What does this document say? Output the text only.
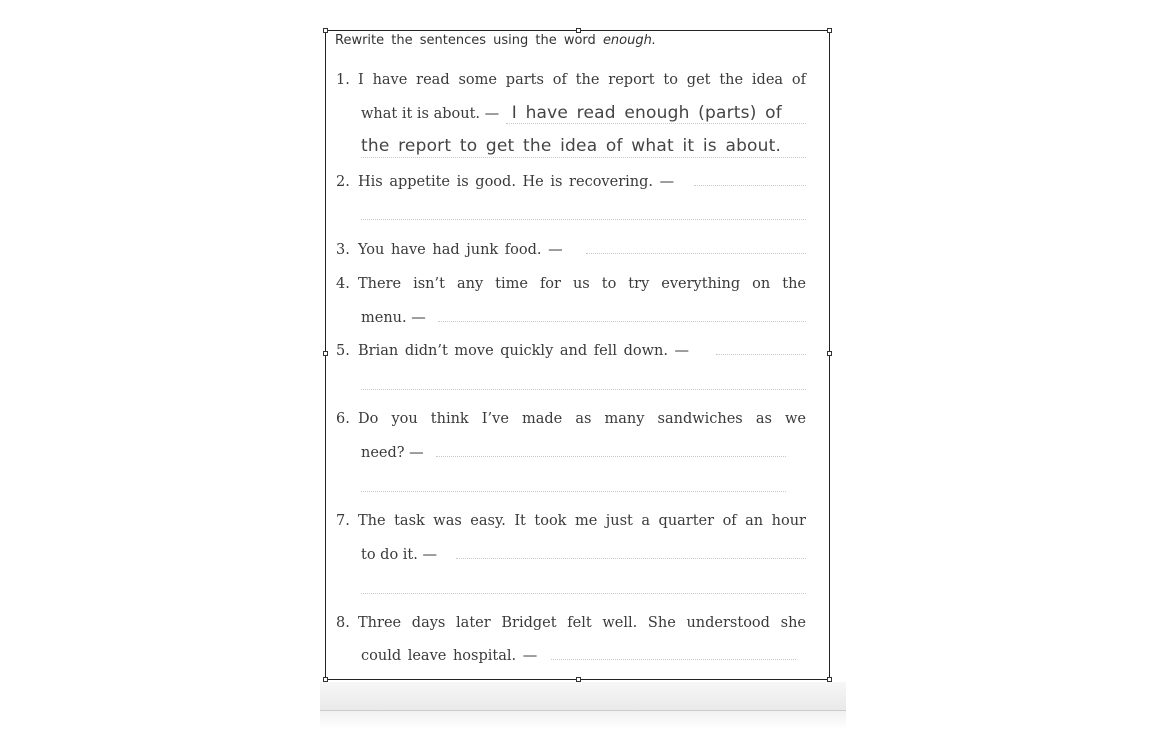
Rewrite the sentences using the word enough.
1. I have read some parts of the report to get the idea of
what it is about. — I have read enough (parts) of
the report to get the idea of what it is about.
2. His appetite is good. He is recovering. —
3. You have had junk food. —
4. There isn’t any time for us to try everything on the
menu. —
5. Brian didn’t move quickly and fell down. —
6. Do you think I’ve made as many sandwiches as we
need? —
7. The task was easy. It took me just a quarter of an hour
to do it. —
8. Three days later Bridget felt well. She understood she
could leave hospital. —
